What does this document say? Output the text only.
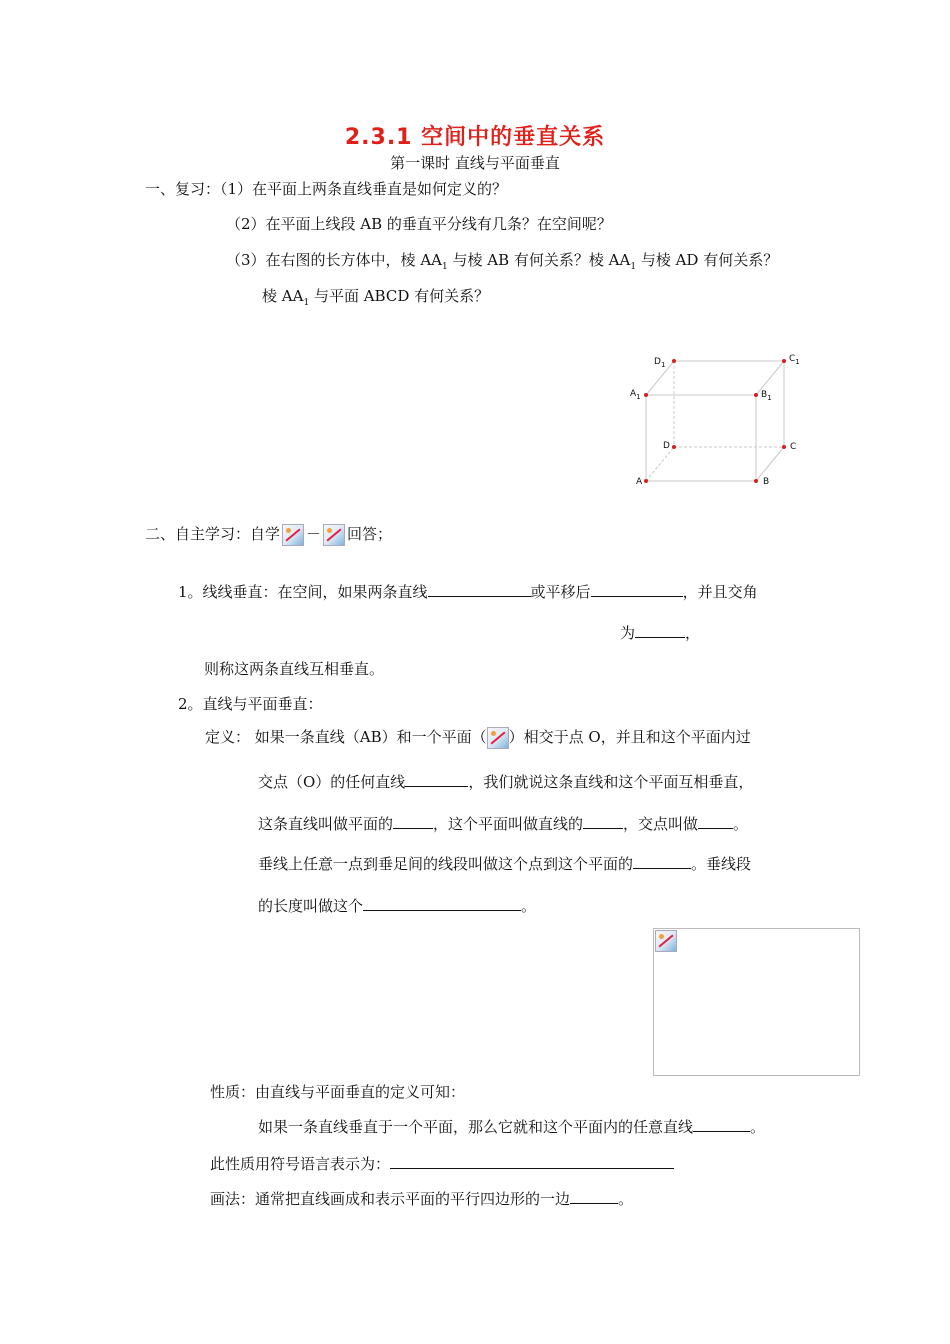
2.3.1 空间中的垂直关系
第一课时 直线与平面垂直
一、复习：（1）在平面上两条直线垂直是如何定义的？
（2）在平面上线段 AB 的垂直平分线有几条？在空间呢？
（3）在右图的长方体中，棱 $AA_1$ 与棱 AB 有何关系？棱 $AA_1$ 与棱 AD 有何关系？
棱 $AA_1$ 与平面 ABCD 有何关系？
$D_1$
$C_1$
$A_1$	$B_1$
D	C
A	B
二、自主学习：自学 － 回答；
1。线线垂直：在空间，如果两条直线	或平移后	，并且交角
为	，
则称这两条直线互相垂直。
2。直线与平面垂直：
定义： 如果一条直线（AB）和一个平面（ ）相交于点 O，并且和这个平面内过
交点（O）的任何直线	，我们就说这条直线和这个平面互相垂直，
这条直线叫做平面的	，这个平面叫做直线的	，交点叫做 。
垂线上任意一点到垂足间的线段叫做这个点到这个平面的	。垂线段
的长度叫做这个	。
性质：由直线与平面垂直的定义可知：
如果一条直线垂直于一个平面，那么它就和这个平面内的任意直线	。
此性质用符号语言表示为：
画法：通常把直线画成和表示平面的平行四边形的一边	。
